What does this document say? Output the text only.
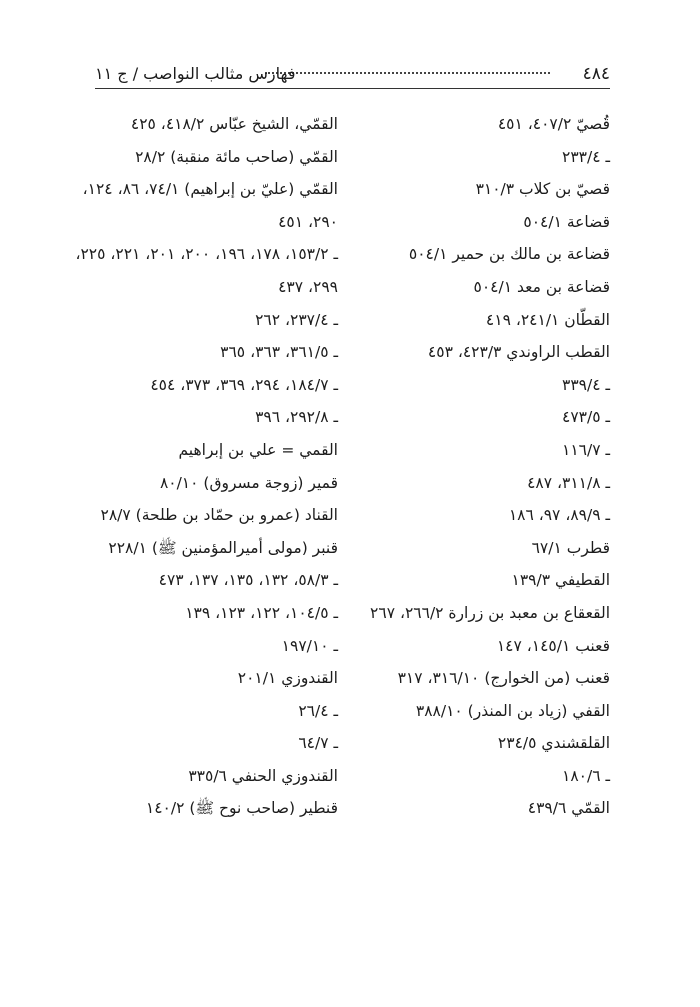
٤٨٤
فهارس مثالب النواصب / ج ١١
قُصيّ ٤٠٧/٢، ٤٥١
ـ ٢٣٣/٤
قصيّ بن كلاب ٣١٠/٣
قضاعة ٥٠٤/١
قضاعة بن مالك بن حمير ٥٠٤/١
قضاعة بن معد ٥٠٤/١
القطّان ٢٤١/١، ٤١٩
القطب الراوندي ٤٢٣/٣، ٤٥٣
ـ ٣٣٩/٤
ـ ٤٧٣/٥
ـ ١١٦/٧
ـ ٣١١/٨، ٤٨٧
ـ ٨٩/٩، ٩٧، ١٨٦
قطرب ٦٧/١
القطيفي ١٣٩/٣
القعقاع بن معبد بن زرارة ٢٦٦/٢، ٢٦٧
قعنب ١٤٥/١، ١٤٧
قعنب (من الخوارج) ٣١٦/١٠، ٣١٧
القفي (زياد بن المنذر) ٣٨٨/١٠
القلقشندي ٢٣٤/٥
ـ ١٨٠/٦
القمّي ٤٣٩/٦
القمّي، الشيخ عبّاس ٤١٨/٢، ٤٢٥
القمّي (صاحب مائة منقبة) ٢٨/٢
القمّي (عليّ بن إبراهيم) ٧٤/١، ٨٦، ١٢٤،
٢٩٠، ٤٥١
ـ ١٥٣/٢، ١٧٨، ١٩٦، ٢٠٠، ٢٠١، ٢٢١، ٢٢٥،
٢٩٩، ٤٣٧
ـ ٢٣٧/٤، ٢٦٢
ـ ٣٦١/٥، ٣٦٣، ٣٦٥
ـ ١٨٤/٧، ٢٩٤، ٣٦٩، ٣٧٣، ٤٥٤
ـ ٢٩٢/٨، ٣٩٦
القمي = علي بن إبراهيم
قمير (زوجة مسروق) ٨٠/١٠
القناد (عمرو بن حمّاد بن طلحة) ٢٨/٧
قنبر (مولى أميرالمؤمنين ﷺ) ٢٢٨/١
ـ ٥٨/٣، ١٣٢، ١٣٥، ١٣٧، ٤٧٣
ـ ١٠٤/٥، ١٢٢، ١٢٣، ١٣٩
ـ ١٩٧/١٠
القندوزي ٢٠١/١
ـ ٢٦/٤
ـ ٦٤/٧
القندوزي الحنفي ٣٣٥/٦
قنطير (صاحب نوح ﷺ) ١٤٠/٢
